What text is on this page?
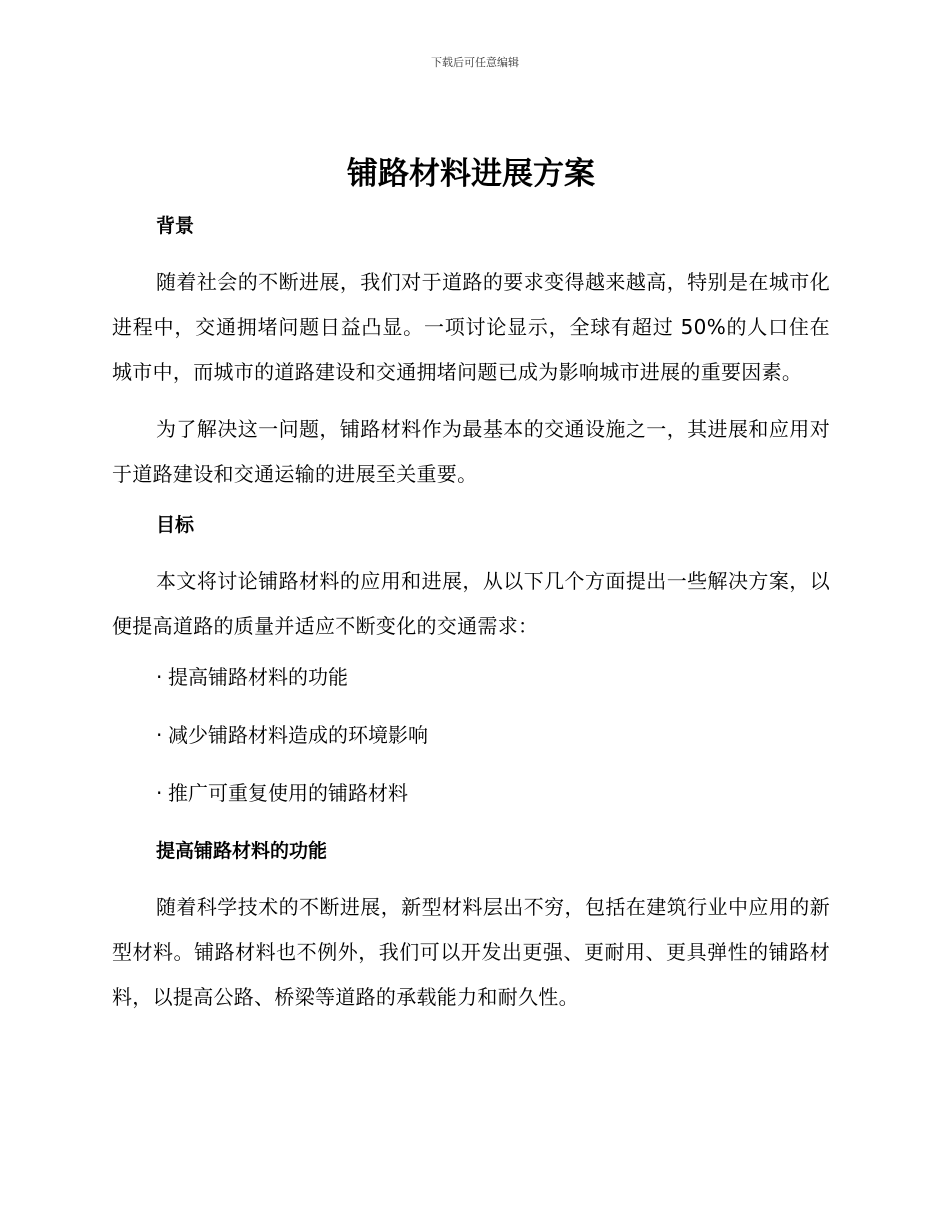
下载后可任意编辑
铺路材料进展方案
背景

随着社会的不断进展，我们对于道路的要求变得越来越高，特别是在城市化进程中，交通拥堵问题日益凸显。一项讨论显示，全球有超过 50%的人口住在城市中，而城市的道路建设和交通拥堵问题已成为影响城市进展的重要因素。

为了解决这一问题，铺路材料作为最基本的交通设施之一，其进展和应用对于道路建设和交通运输的进展至关重要。

目标

本文将讨论铺路材料的应用和进展，从以下几个方面提出一些解决方案，以便提高道路的质量并适应不断变化的交通需求：

· 提高铺路材料的功能
· 减少铺路材料造成的环境影响
· 推广可重复使用的铺路材料
提高铺路材料的功能

随着科学技术的不断进展，新型材料层出不穷，包括在建筑行业中应用的新型材料。铺路材料也不例外，我们可以开发出更强、更耐用、更具弹性的铺路材料，以提高公路、桥梁等道路的承载能力和耐久性。
